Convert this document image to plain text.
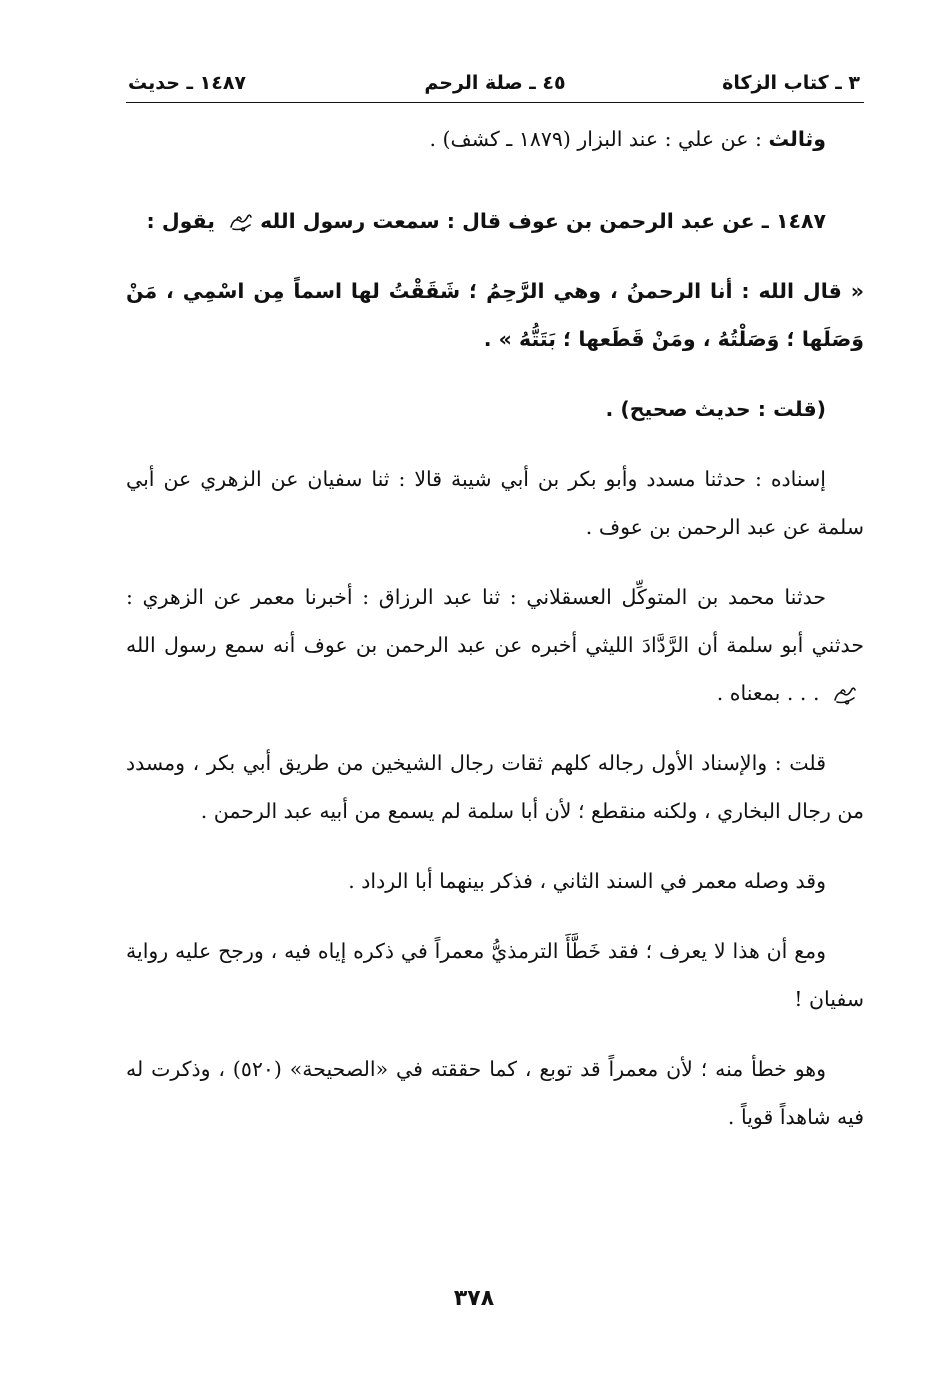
٣ ـ كتاب الزكاة
٤٥ ـ صلة الرحم
١٤٨٧ ـ حديث

وثالث : عن علي : عند البزار (١٨٧٩ ـ كشف) .

١٤٨٧ ـ عن عبد الرحمن بن عوف قال : سمعت رسول الله
يقول :

« قال الله : أنا الرحمنُ ، وهي الرَّحِمُ ؛ شَقَقْتُ لها اسماً مِن اسْمِي ، مَنْ وَصَلَها ؛ وَصَلْتُهُ ، ومَنْ قَطَعها ؛ بَتَتُّهُ » .

(قلت : حديث صحيح) .

إسناده : حدثنا مسدد وأبو بكر بن أبي شيبة قالا : ثنا سفيان عن الزهري عن أبي سلمة عن عبد الرحمن بن عوف .

حدثنا محمد بن المتوكِّل العسقلاني : ثنا عبد الرزاق : أخبرنا معمر عن الزهري : حدثني أبو سلمة أن الرَّدَّادَ الليثي أخبره عن عبد الرحمن بن عوف أنه سمع رسول الله
. . . بمعناه .

قلت : والإسناد الأول رجاله كلهم ثقات رجال الشيخين من طريق أبي بكر ، ومسدد من رجال البخاري ، ولكنه منقطع ؛ لأن أبا سلمة لم يسمع من أبيه عبد الرحمن .

وقد وصله معمر في السند الثاني ، فذكر بينهما أبا الرداد .

ومع أن هذا لا يعرف ؛ فقد خَطَّأَ الترمذيُّ معمراً في ذكره إياه فيه ، ورجح عليه رواية سفيان !

وهو خطأ منه ؛ لأن معمراً قد توبع ، كما حققته في «الصحيحة» (٥٢٠) ، وذكرت له فيه شاهداً قوياً .

٣٧٨
